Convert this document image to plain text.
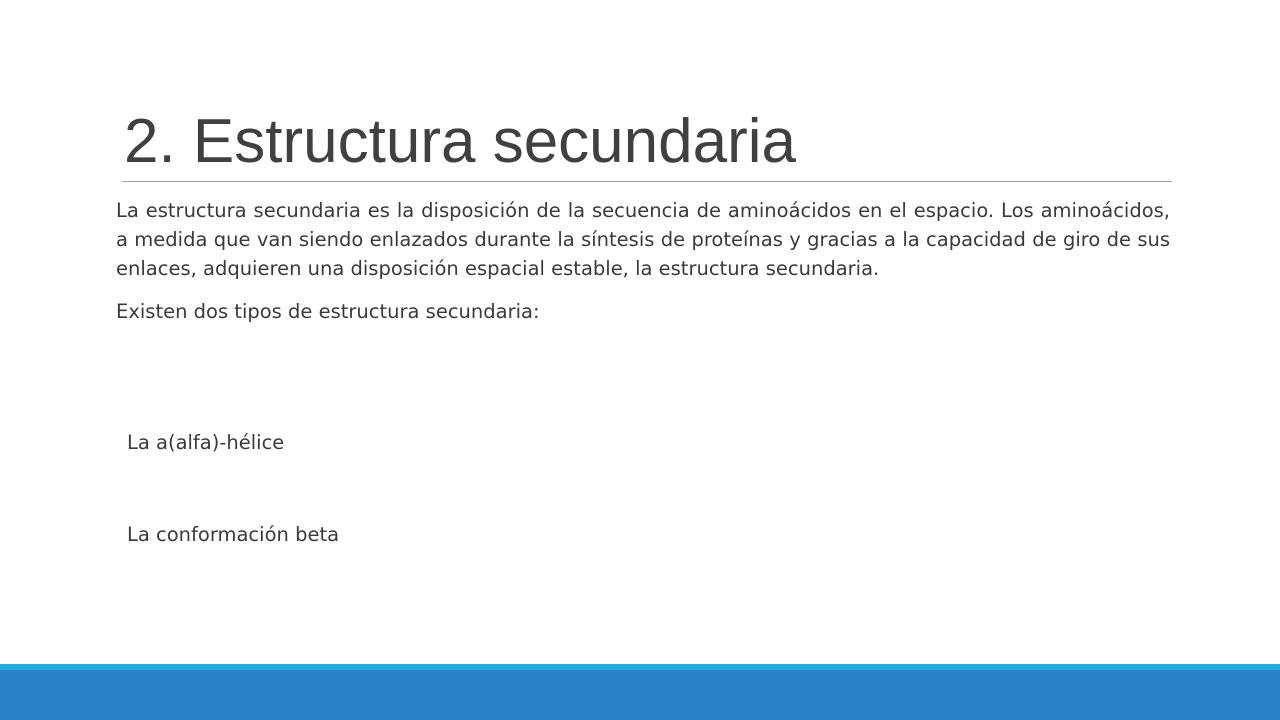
2. Estructura secundaria

La estructura secundaria es la disposición de la secuencia de aminoácidos en el espacio. Los aminoácidos, a medida que van siendo enlazados durante la síntesis de proteínas y gracias a la capacidad de giro de sus enlaces, adquieren una disposición espacial estable, la estructura secundaria.

Existen dos tipos de estructura secundaria:

La a(alfa)-hélice
La conformación beta
